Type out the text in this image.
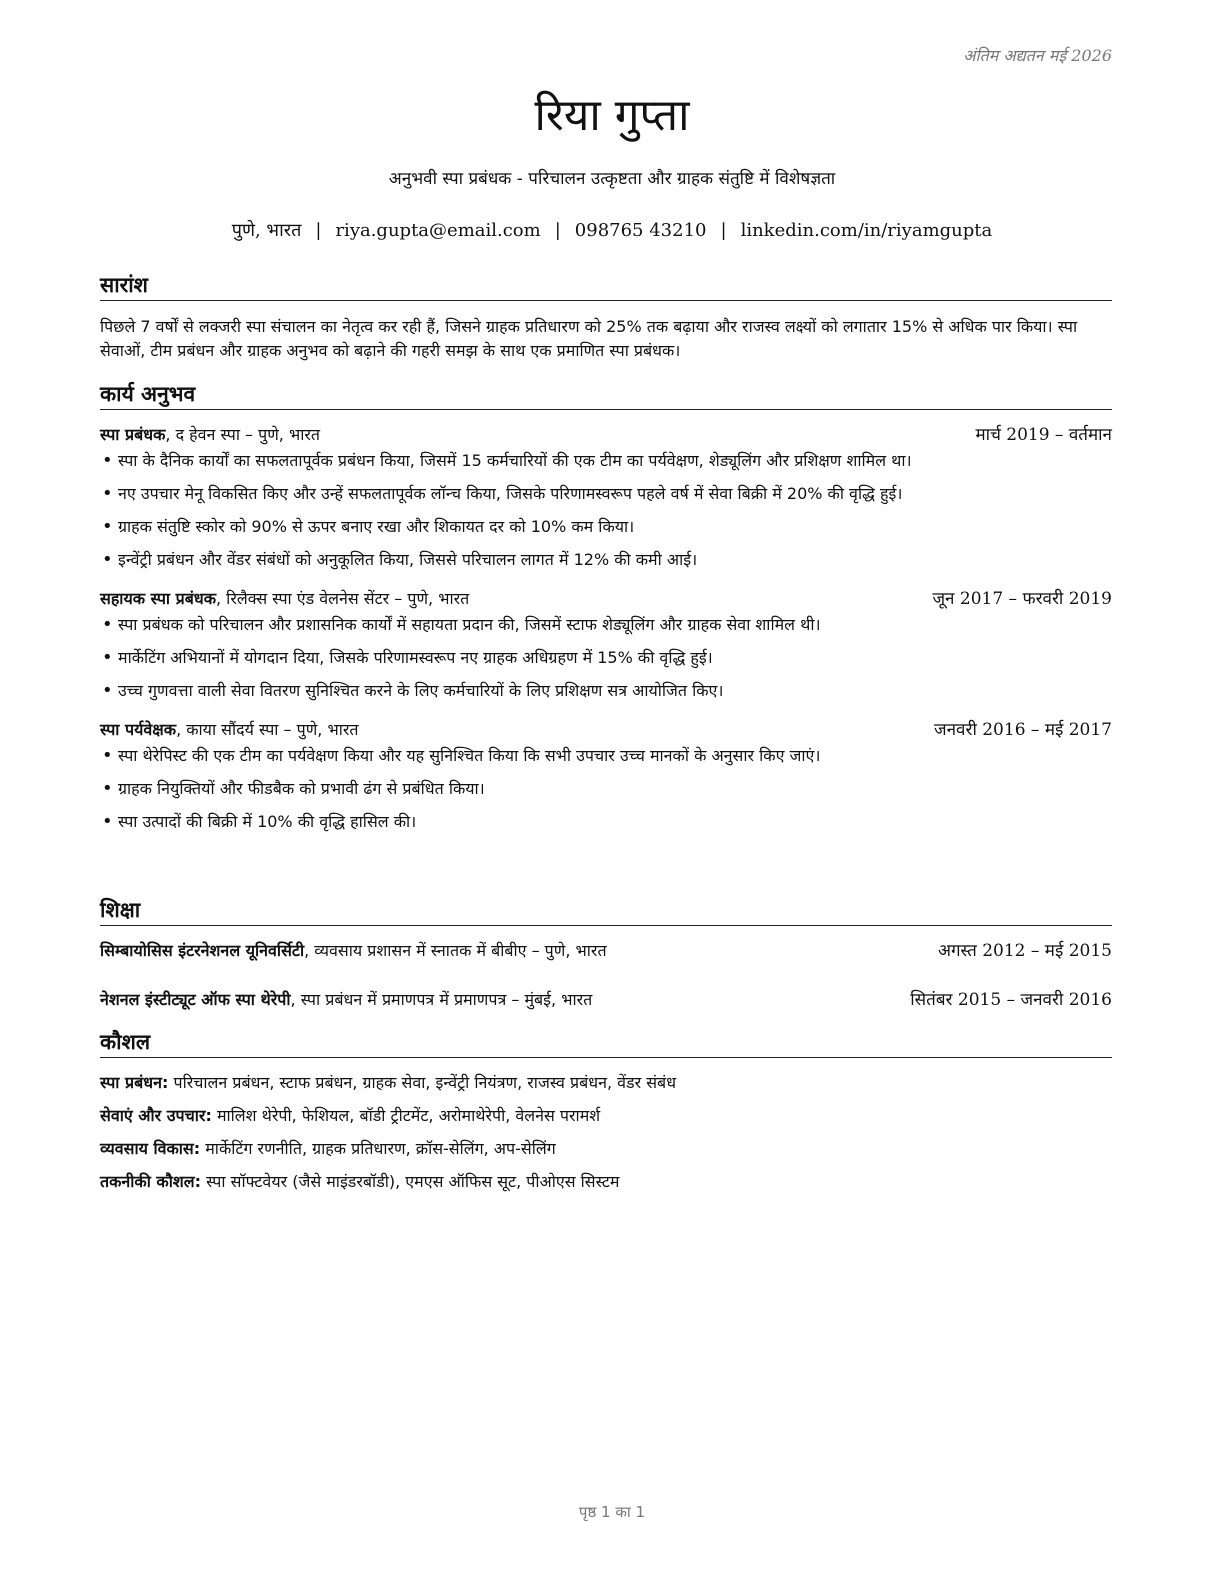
अंतिम अद्यतन मई 2026
रिया गुप्ता
अनुभवी स्पा प्रबंधक - परिचालन उत्कृष्टता और ग्राहक संतुष्टि में विशेषज्ञता
पुणे, भारत | riya.gupta@email.com | 098765 43210 | linkedin.com/in/riyamgupta
सारांश
पिछले 7 वर्षों से लक्जरी स्पा संचालन का नेतृत्व कर रही हैं, जिसने ग्राहक प्रतिधारण को 25% तक बढ़ाया और राजस्व लक्ष्यों को लगातार 15% से अधिक पार किया। स्पा सेवाओं, टीम प्रबंधन और ग्राहक अनुभव को बढ़ाने की गहरी समझ के साथ एक प्रमाणित स्पा प्रबंधक।
कार्य अनुभव
स्पा प्रबंधक, द हेवन स्पा – पुणे, भारत	मार्च 2019 – वर्तमान
• स्पा के दैनिक कार्यों का सफलतापूर्वक प्रबंधन किया, जिसमें 15 कर्मचारियों की एक टीम का पर्यवेक्षण, शेड्यूलिंग और प्रशिक्षण शामिल था।
• नए उपचार मेनू विकसित किए और उन्हें सफलतापूर्वक लॉन्च किया, जिसके परिणामस्वरूप पहले वर्ष में सेवा बिक्री में 20% की वृद्धि हुई।
• ग्राहक संतुष्टि स्कोर को 90% से ऊपर बनाए रखा और शिकायत दर को 10% कम किया।
• इन्वेंट्री प्रबंधन और वेंडर संबंधों को अनुकूलित किया, जिससे परिचालन लागत में 12% की कमी आई।
सहायक स्पा प्रबंधक, रिलैक्स स्पा एंड वेलनेस सेंटर – पुणे, भारत	जून 2017 – फरवरी 2019
• स्पा प्रबंधक को परिचालन और प्रशासनिक कार्यों में सहायता प्रदान की, जिसमें स्टाफ शेड्यूलिंग और ग्राहक सेवा शामिल थी।
• मार्केटिंग अभियानों में योगदान दिया, जिसके परिणामस्वरूप नए ग्राहक अधिग्रहण में 15% की वृद्धि हुई।
• उच्च गुणवत्ता वाली सेवा वितरण सुनिश्चित करने के लिए कर्मचारियों के लिए प्रशिक्षण सत्र आयोजित किए।
स्पा पर्यवेक्षक, काया सौंदर्य स्पा – पुणे, भारत	जनवरी 2016 – मई 2017
• स्पा थेरेपिस्ट की एक टीम का पर्यवेक्षण किया और यह सुनिश्चित किया कि सभी उपचार उच्च मानकों के अनुसार किए जाएं।
• ग्राहक नियुक्तियों और फीडबैक को प्रभावी ढंग से प्रबंधित किया।
• स्पा उत्पादों की बिक्री में 10% की वृद्धि हासिल की।
शिक्षा
सिम्बायोसिस इंटरनेशनल यूनिवर्सिटी, व्यवसाय प्रशासन में स्नातक में बीबीए – पुणे, भारत	अगस्त 2012 – मई 2015
नेशनल इंस्टीट्यूट ऑफ स्पा थेरेपी, स्पा प्रबंधन में प्रमाणपत्र में प्रमाणपत्र – मुंबई, भारत	सितंबर 2015 – जनवरी 2016
कौशल
स्पा प्रबंधन: परिचालन प्रबंधन, स्टाफ प्रबंधन, ग्राहक सेवा, इन्वेंट्री नियंत्रण, राजस्व प्रबंधन, वेंडर संबंध
सेवाएं और उपचार: मालिश थेरेपी, फेशियल, बॉडी ट्रीटमेंट, अरोमाथेरेपी, वेलनेस परामर्श
व्यवसाय विकास: मार्केटिंग रणनीति, ग्राहक प्रतिधारण, क्रॉस-सेलिंग, अप-सेलिंग
तकनीकी कौशल: स्पा सॉफ्टवेयर (जैसे माइंडरबॉडी), एमएस ऑफिस सूट, पीओएस सिस्टम
पृष्ठ 1 का 1
